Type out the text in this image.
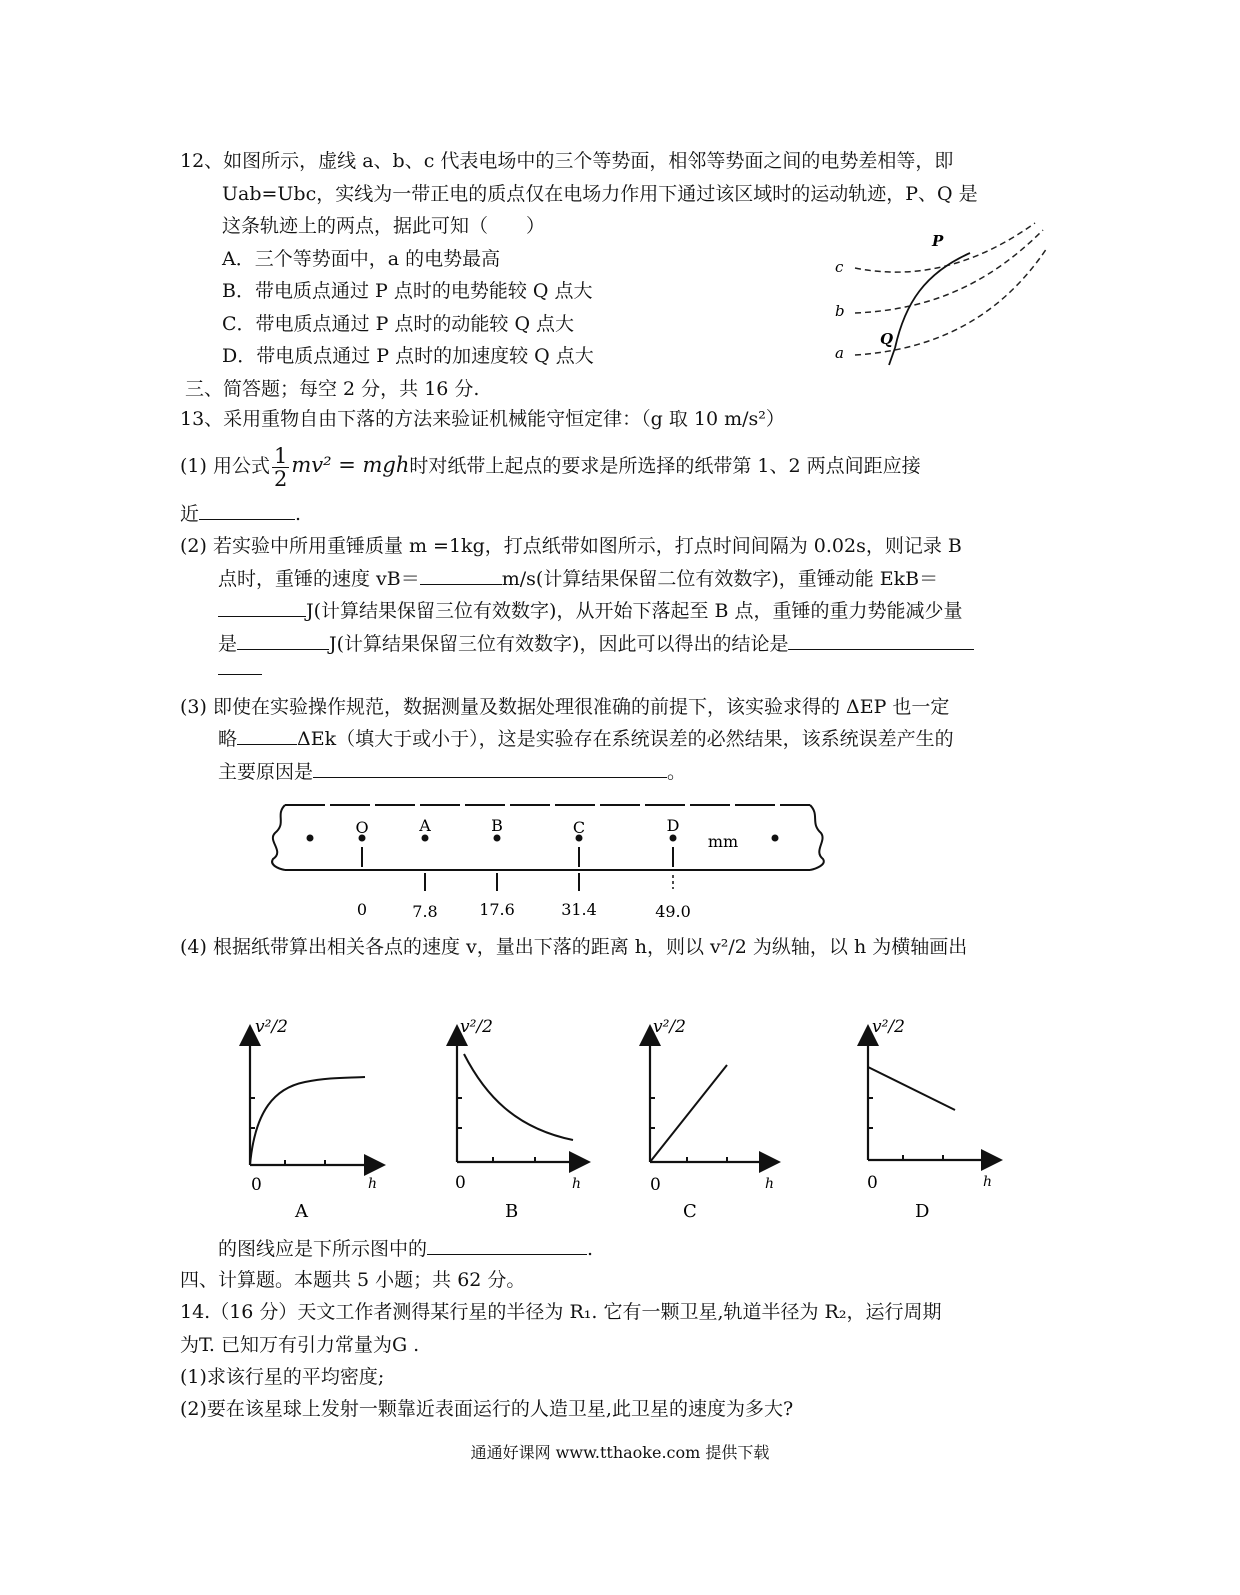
12、如图所示，虚线 a、b、c 代表电场中的三个等势面，相邻等势面之间的电势差相等，即
Uab=Ubc，实线为一带正电的质点仅在电场力作用下通过该区域时的运动轨迹，P、Q 是
这条轨迹上的两点，据此可知（　　）
A．三个等势面中，a 的电势最高
B．带电质点通过 P 点时的电势能较 Q 点大
C．带电质点通过 P 点时的动能较 Q 点大
D．带电质点通过 P 点时的加速度较 Q 点大
c
b
a
P
Q
三、简答题；每空 2 分，共 16 分.
13、采用重物自由下落的方法来验证机械能守恒定律：（g 取 10 m/s²）
(1) 用公式 $\frac{1}{2} mv^2$ = mgh时对纸带上起点的要求是所选择的纸带第 1、2 两点间距应接
近	.
(2) 若实验中所用重锤质量 m =1kg，打点纸带如图所示，打点时间间隔为 0.02s，则记录 B
点时，重锤的速度 vB＝	m/s(计算结果保留二位有效数字)，重锤动能 EkB＝
J(计算结果保留三位有效数字)，从开始下落起至 B 点，重锤的重力势能减少量
是	J(计算结果保留三位有效数字)，因此可以得出的结论是
(3) 即使在实验操作规范，数据测量及数据处理很准确的前提下，该实验求得的 ΔEP 也一定
略	ΔEk（填大于或小于），这是实验存在系统误差的必然结果，该系统误差产生的
主要原因是	。
O	A	B	C	D
mm
0	7.8	17.6	31.4	49.0
(4) 根据纸带算出相关各点的速度 v，量出下落的距离 h，则以 v²/2 为纵轴，以 h 为横轴画出
v²/2
h
0
A
v²/2
h
0
B
v²/2
h
0
C
v²/2
h
0
D
的图线应是下所示图中的	.
四、计算题。本题共 5 小题；共 62 分。
14.（16 分）天文工作者测得某行星的半径为 R₁. 它有一颗卫星,轨道半径为 R₂，运行周期
为T. 已知万有引力常量为G .
(1)求该行星的平均密度;
(2)要在该星球上发射一颗靠近表面运行的人造卫星,此卫星的速度为多大?
通通好课网 www.tthaoke.com 提供下载
